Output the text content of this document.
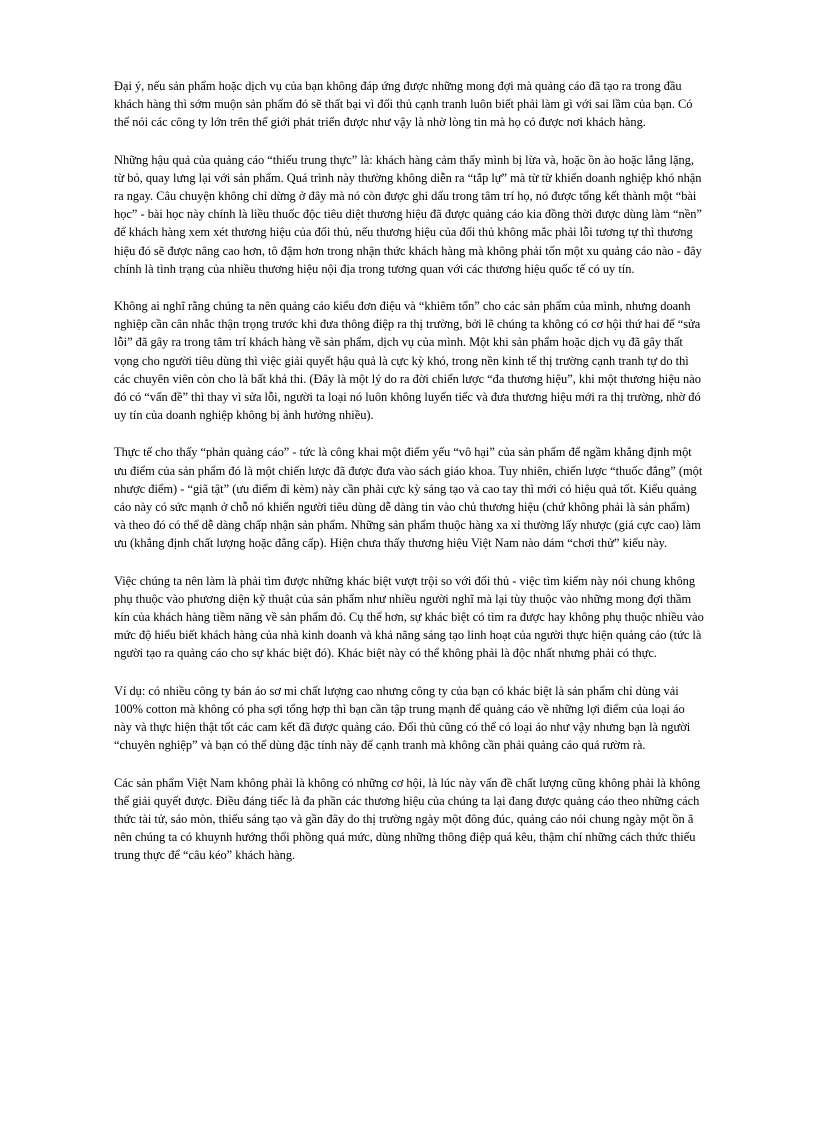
Đại ý, nếu sản phẩm hoặc dịch vụ của bạn không đáp ứng được những mong đợi mà quảng cáo đã tạo ra trong đầu khách hàng thì sớm muộn sản phẩm đó sẽ thất bại vì đối thủ cạnh tranh luôn biết phải làm gì với sai lầm của bạn. Có thể nói các công ty lớn trên thế giới phát triển được như vậy là nhờ lòng tin mà họ có được nơi khách hàng.

Những hậu quả của quảng cáo “thiếu trung thực” là: khách hàng cảm thấy mình bị lừa và, hoặc ồn ào hoặc lẳng lặng, từ bỏ, quay lưng lại với sản phẩm. Quá trình này thường không diễn ra “tắp lự” mà từ từ khiến doanh nghiệp khó nhận ra ngay. Câu chuyện không chỉ dừng ở đây mà nó còn được ghi dấu trong tâm trí họ, nó được tổng kết thành một “bài học” - bài học này chính là liều thuốc độc tiêu diệt thương hiệu đã được quảng cáo kia đồng thời được dùng làm “nền” để khách hàng xem xét thương hiệu của đối thủ, nếu thương hiệu của đối thủ không mắc phải lỗi tương tự thì thương hiệu đó sẽ được nâng cao hơn, tô đậm hơn trong nhận thức khách hàng mà không phải tốn một xu quảng cáo nào - đây chính là tình trạng của nhiều thương hiệu nội địa trong tương quan với các thương hiệu quốc tế có uy tín.

Không ai nghĩ rằng chúng ta nên quảng cáo kiểu đơn điệu và “khiêm tốn” cho các sản phẩm của mình, nhưng doanh nghiệp cần cân nhắc thận trọng trước khi đưa thông điệp ra thị trường, bởi lẽ chúng ta không có cơ hội thứ hai để “sửa lỗi” đã gây ra trong tâm trí khách hàng về sản phẩm, dịch vụ của mình. Một khi sản phẩm hoặc dịch vụ đã gây thất vọng cho người tiêu dùng thì việc giải quyết hậu quả là cực kỳ khó, trong nền kinh tế thị trường cạnh tranh tự do thì các chuyên viên còn cho là bất khả thi. (Đây là một lý do ra đời chiến lược “đa thương hiệu”, khi một thương hiệu nào đó có “vấn đề” thì thay vì sửa lỗi, người ta loại nó luôn không luyến tiếc và đưa thương hiệu mới ra thị trường, nhờ đó uy tín của doanh nghiệp không bị ảnh hưởng nhiều).

Thực tế cho thấy “phản quảng cáo” - tức là công khai một điểm yếu “vô hại” của sản phẩm để ngầm khẳng định một ưu điểm của sản phẩm đó là một chiến lược đã được đưa vào sách giáo khoa. Tuy nhiên, chiến lược “thuốc đắng” (một nhược điểm) - “giã tật” (ưu điểm đi kèm) này cần phải cực kỳ sáng tạo và cao tay thì mới có hiệu quả tốt. Kiểu quảng cáo này có sức mạnh ở chỗ nó khiến người tiêu dùng dễ dàng tin vào chủ thương hiệu (chứ không phải là sản phẩm) và theo đó có thể dễ dàng chấp nhận sản phẩm. Những sản phẩm thuộc hàng xa xỉ thường lấy nhược (giá cực cao) làm ưu (khẳng định chất lượng hoặc đẳng cấp). Hiện chưa thấy thương hiệu Việt Nam nào dám “chơi thử” kiểu này.

Việc chúng ta nên làm là phải tìm được những khác biệt vượt trội so với đối thủ - việc tìm kiếm này nói chung không phụ thuộc vào phương diện kỹ thuật của sản phẩm như nhiều người nghĩ mà lại tùy thuộc vào những mong đợi thầm kín của khách hàng tiềm năng về sản phẩm đó. Cụ thể hơn, sự khác biệt có tìm ra được hay không phụ thuộc nhiều vào mức độ hiểu biết khách hàng của nhà kinh doanh và khả năng sáng tạo linh hoạt của người thực hiện quảng cáo (tức là người tạo ra quảng cáo cho sự khác biệt đó). Khác biệt này có thể không phải là độc nhất nhưng phải có thực.

Ví dụ: có nhiều công ty bán áo sơ mi chất lượng cao nhưng công ty của bạn có khác biệt là sản phẩm chỉ dùng vải 100% cotton mà không có pha sợi tổng hợp thì bạn cần tập trung mạnh để quảng cáo về những lợi điểm của loại áo này và thực hiện thật tốt các cam kết đã được quảng cáo. Đối thủ cũng có thể có loại áo như vậy nhưng bạn là người “chuyên nghiệp” và bạn có thể dùng đặc tính này để cạnh tranh mà không cần phải quảng cáo quá rườm rà.

Các sản phẩm Việt Nam không phải là không có những cơ hội, là lúc này vấn đề chất lượng cũng không phải là không thể giải quyết được. Điều đáng tiếc là đa phần các thương hiệu của chúng ta lại đang được quảng cáo theo những cách thức tài tử, sáo mòn, thiếu sáng tạo và gần đây do thị trường ngày một đông đúc, quảng cáo nói chung ngày một ồn ã nên chúng ta có khuynh hướng thổi phồng quá mức, dùng những thông điệp quá kêu, thậm chí những cách thức thiếu trung thực để “câu kéo” khách hàng.
